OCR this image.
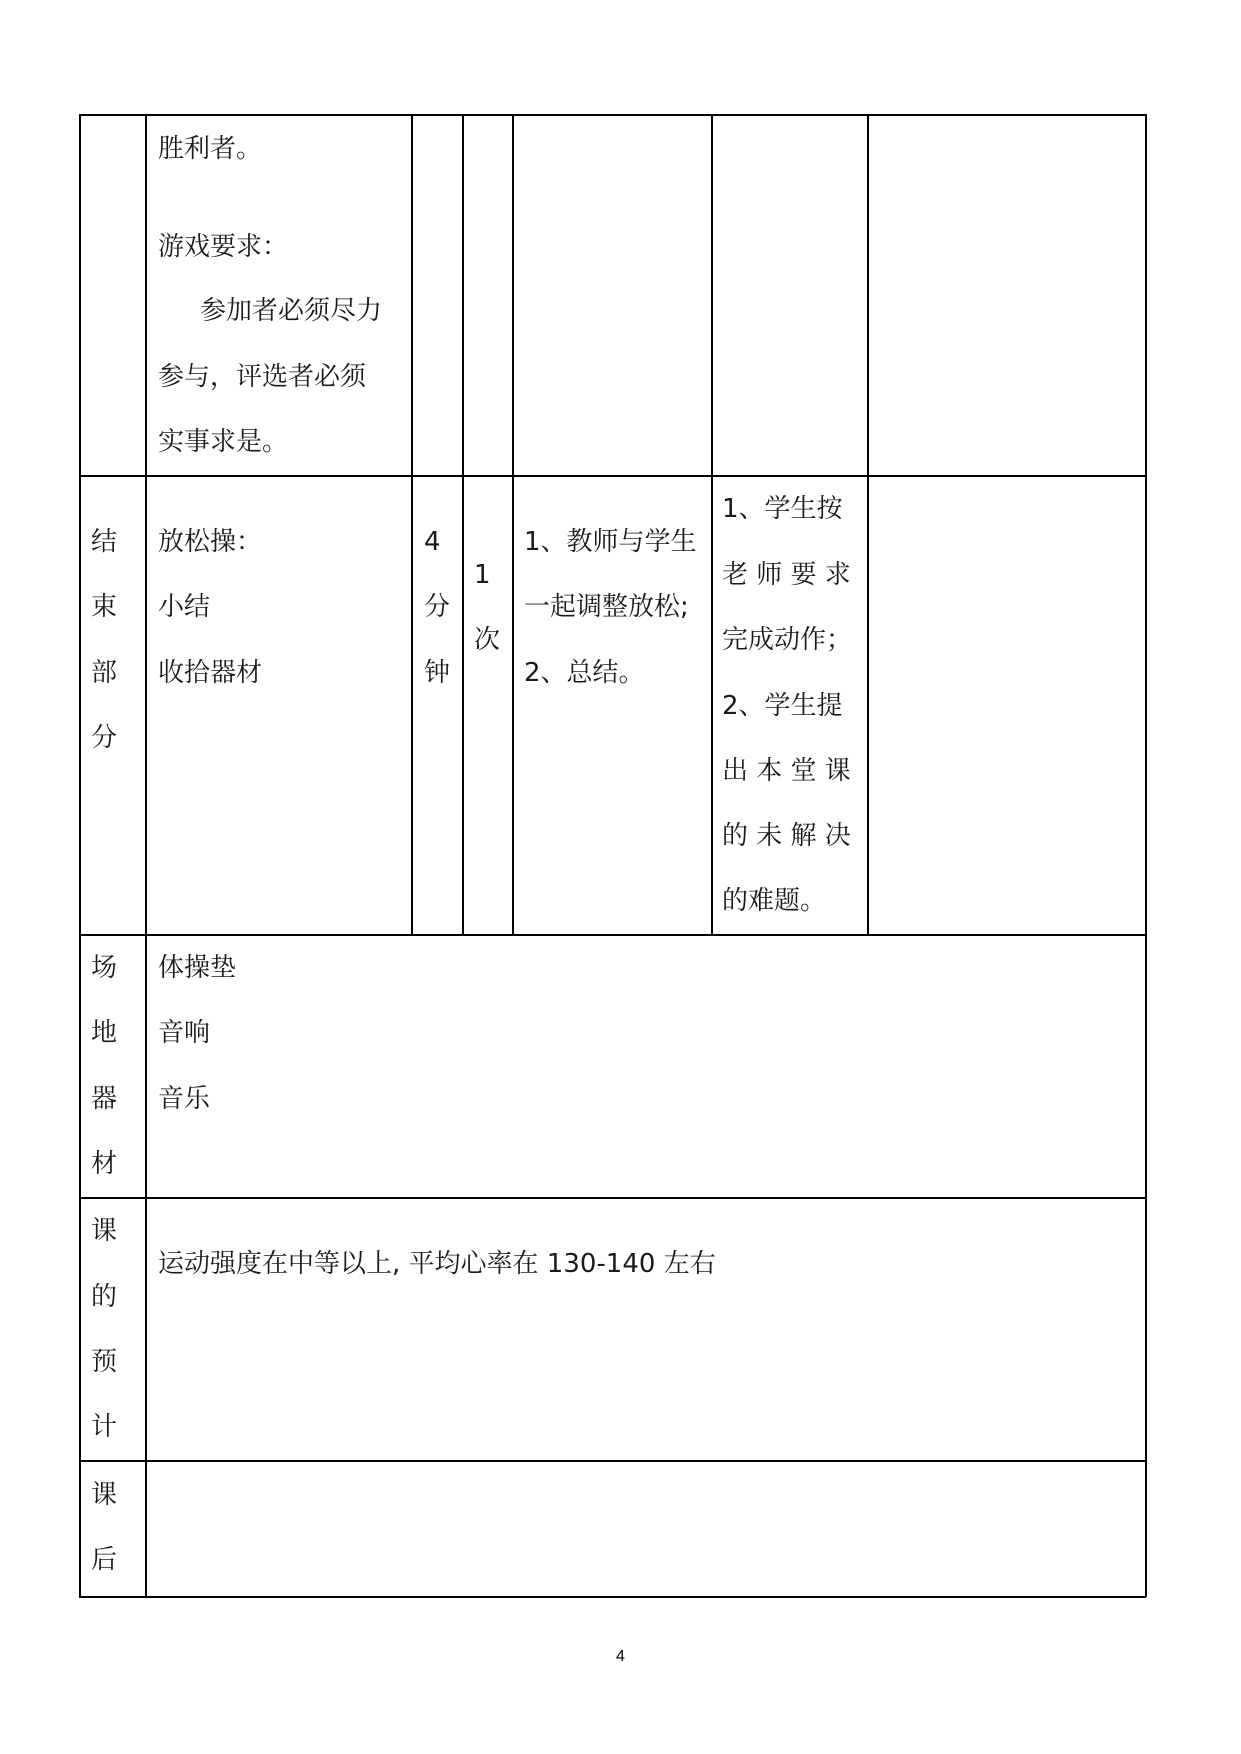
胜利者。
游戏要求：
参加者必须尽力
参与，评选者必须
实事求是。
结
束
部
分
放松操：
小结
收拾器材
4
分
钟
1
次
1、教师与学生
一起调整放松;
2、总结。
1、学生按
老 师 要 求
完成动作；
2、学生提
出 本 堂 课
的 未 解 决
的难题。
场
地
器
材
体操垫
音响
音乐
课
的
预
计
运动强度在中等以上, 平均心率在 130-140 左右
课
后
4
